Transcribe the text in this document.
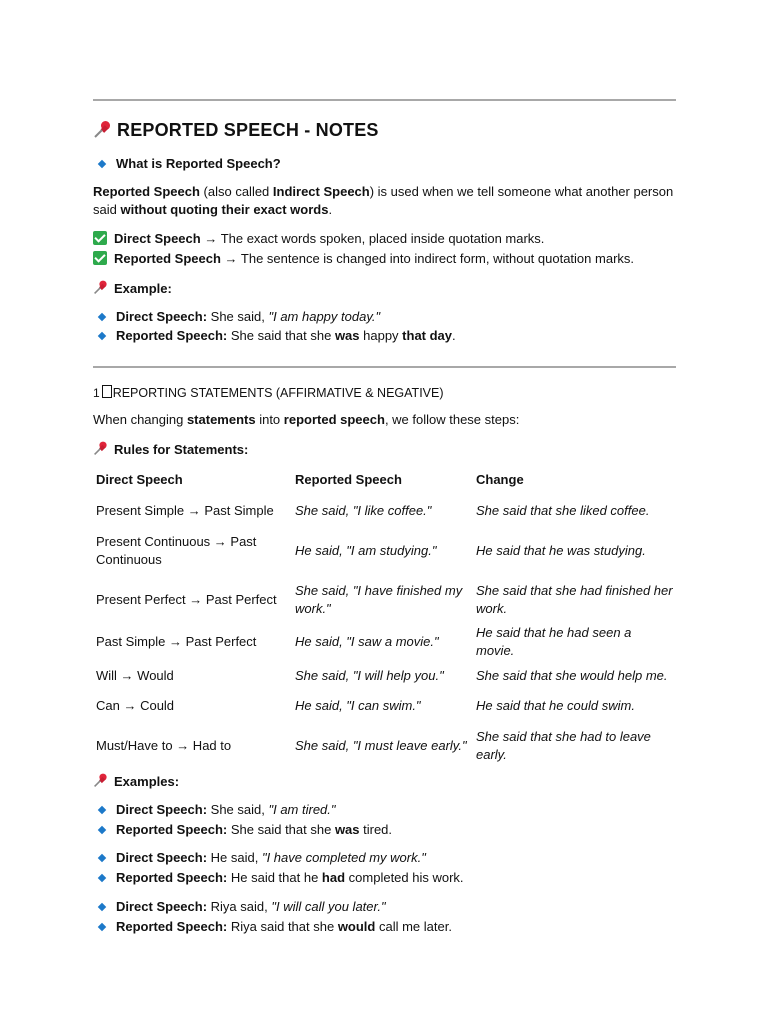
REPORTED SPEECH - NOTES
What is Reported Speech?
Reported Speech (also called Indirect Speech) is used when we tell someone what another person
said without quoting their exact words.
Direct Speech → The exact words spoken, placed inside quotation marks.
Reported Speech → The sentence is changed into indirect form, without quotation marks.
Example:
Direct Speech: She said, "I am happy today."
Reported Speech: She said that she was happy that day.
1 REPORTING STATEMENTS (AFFIRMATIVE & NEGATIVE)
When changing statements into reported speech, we follow these steps:
Rules for Statements:
Direct Speech	Reported Speech	Change
Present Simple → Past Simple	She said, "I like coffee."	She said that she liked coffee.
Present Continuous → Past Continuous	He said, "I am studying."	He said that he was studying.
Present Perfect → Past Perfect	She said, "I have finished my work."	She said that she had finished her work.
Past Simple → Past Perfect	He said, "I saw a movie."	He said that he had seen a movie.
Will → Would	She said, "I will help you."	She said that she would help me.
Can → Could	He said, "I can swim."	He said that he could swim.
Must/Have to → Had to	She said, "I must leave early."	She said that she had to leave early.
Examples:
Direct Speech: She said, "I am tired."
Reported Speech: She said that she was tired.
Direct Speech: He said, "I have completed my work."
Reported Speech: He said that he had completed his work.
Direct Speech: Riya said, "I will call you later."
Reported Speech: Riya said that she would call me later.
